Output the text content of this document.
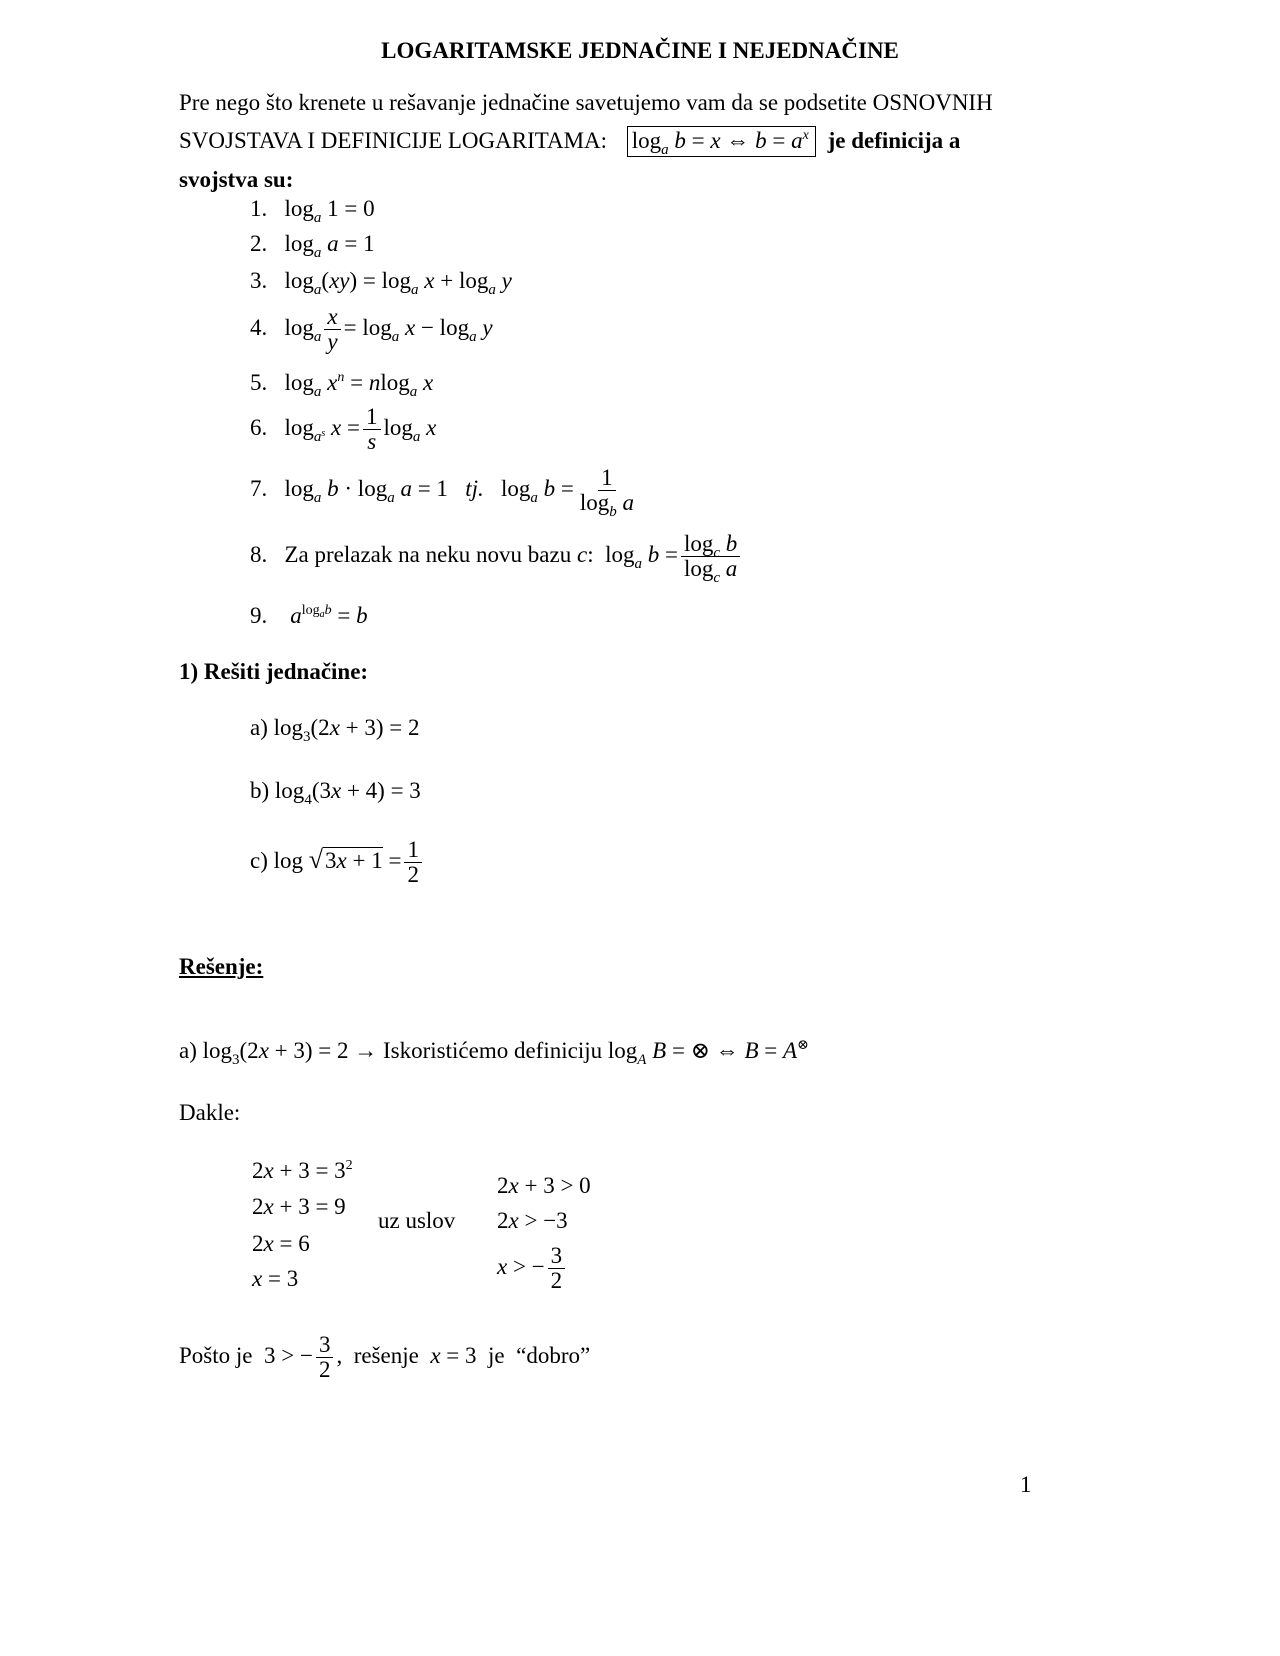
LOGARITAMSKE JEDNAČINE I NEJEDNAČINE
Pre nego što krenete u rešavanje jednačine savetujemo vam da se podsetite OSNOVNIH
SVOJSTAVA I DEFINICIJE LOGARITAMA: $\log_a b = x$ ⇔ $b = a^x$ je definicija a
svojstva su:
1.   $\log_a 1 = 0$
2.   $\log_a a = 1$
3.   $\log_a(xy) = \log_a x + \log_a y$
4.   $\log_a \frac{x}{y} = \log_a x - \log_a y$
5.   $\log_a x^n = nlog_a$ x
6.   $\log_{a^s} x = \frac{1}{s} \log_a x$
7.   $\log_a b \cdot \log_a a = 1$   tj.   $\log_a b = \frac{1}{\log_b a}$
8. Za prelazak na neku novu bazu c:  $\log_a b = \frac{\log_c b}{\log_c a}$
9. $a^{log_ab} = b$
1) Rešiti jednačine:
a) $\log_3(2x + 3) = 2$
b) $\log_4(3x + 4) = 3$
c) $\log √3x + 1 = \frac{1}{2}$
Rešenje:
a) $\log_3(2x + 3) = 2$ → Iskoristićemo definiciju $\log_A B$ = ⊗ ⇔ B = A⊗
Dakle:
$2x + 3 = 3^2$
2x + 3 = 9
2x = 6
x = 3
uz uslov
2x + 3 > 0
2x > −3
x > − $\frac{3}{2}$
Pošto je  3 > − $\frac{3}{2}$ ,  rešenje x = 3  je “dobro”
1
